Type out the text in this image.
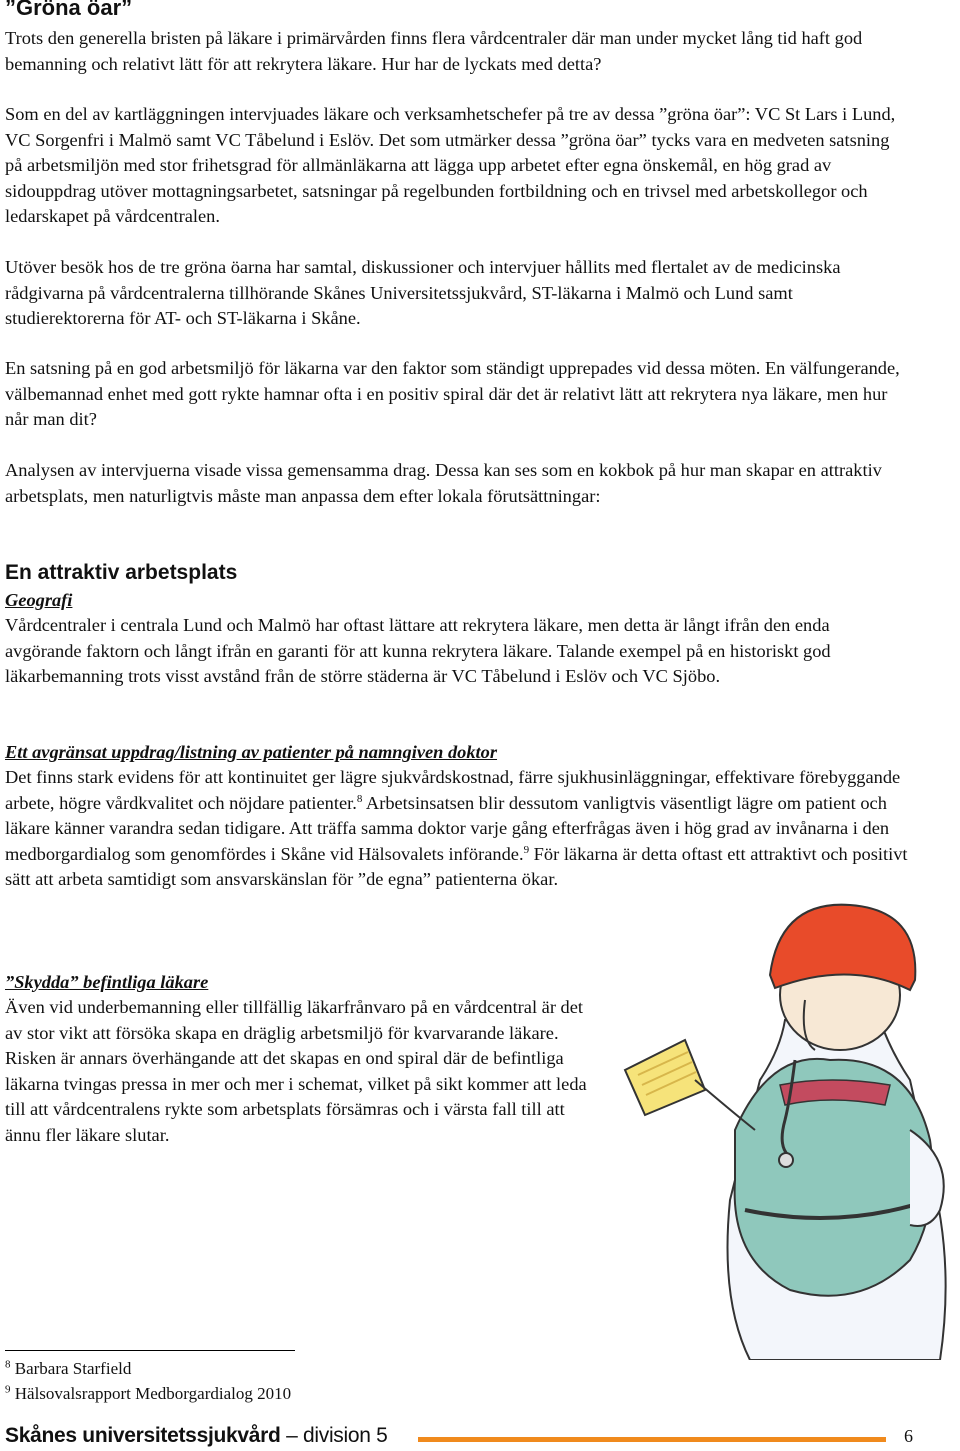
”Gröna öar”

Trots den generella bristen på läkare i primärvården finns flera vårdcentraler där man under mycket lång tid haft god bemanning och relativt lätt för att rekrytera läkare. Hur har de lyckats med detta?

Som en del av kartläggningen intervjuades läkare och verksamhetschefer på tre av dessa ”gröna öar”: VC St Lars i Lund, VC Sorgenfri i Malmö samt VC Tåbelund i Eslöv. Det som utmärker dessa ”gröna öar” tycks vara en medveten satsning på arbetsmiljön med stor frihetsgrad för allmänläkarna att lägga upp arbetet efter egna önskemål, en hög grad av sidouppdrag utöver mottagningsarbetet, satsningar på regelbunden fortbildning och en trivsel med arbetskollegor och ledarskapet på vårdcentralen.

Utöver besök hos de tre gröna öarna har samtal, diskussioner och intervjuer hållits med flertalet av de medicinska rådgivarna på vårdcentralerna tillhörande Skånes Universitetssjukvård, ST-läkarna i Malmö och Lund samt studierektorerna för AT- och ST-läkarna i Skåne.

En satsning på en god arbetsmiljö för läkarna var den faktor som ständigt upprepades vid dessa möten. En välfungerande, välbemannad enhet med gott rykte hamnar ofta i en positiv spiral där det är relativt lätt att rekrytera nya läkare, men hur når man dit?

Analysen av intervjuerna visade vissa gemensamma drag. Dessa kan ses som en kokbok på hur man skapar en attraktiv arbetsplats, men naturligtvis måste man anpassa dem efter lokala förutsättningar:

En attraktiv arbetsplats

Geografi

Vårdcentraler i centrala Lund och Malmö har oftast lättare att rekrytera läkare, men detta är långt ifrån den enda avgörande faktorn och långt ifrån en garanti för att kunna rekrytera läkare. Talande exempel på en historiskt god läkarbemanning trots visst avstånd från de större städerna är VC Tåbelund i Eslöv och VC Sjöbo.

Ett avgränsat uppdrag/listning av patienter på namngiven doktor

Det finns stark evidens för att kontinuitet ger lägre sjukvårdskostnad, färre sjukhusinläggningar, effektivare förebyggande arbete, högre vårdkvalitet och nöjdare patienter.$^8$ Arbetsinsatsen blir dessutom vanligtvis väsentligt lägre om patient och läkare känner varandra sedan tidigare. Att träffa samma doktor varje gång efterfrågas även i hög grad av invånarna i den medborgardialog som genomfördes i Skåne vid Hälsovalets införande.$^9$ För läkarna är detta oftast ett attraktivt och positivt sätt att arbeta samtidigt som ansvarskänslan för ”de egna” patienterna ökar.

”Skydda” befintliga läkare

Även vid underbemanning eller tillfällig läkarfrånvaro på en vårdcentral är det av stor vikt att försöka skapa en dräglig arbetsmiljö för kvarvarande läkare. Risken är annars överhängande att det skapas en ond spiral där de befintliga läkarna tvingas pressa in mer och mer i schemat, vilket på sikt kommer att leda till att vårdcentralens rykte som arbetsplats försämras och i värsta fall till att ännu fler läkare slutar.

$^8$ Barbara Starfield

$^9$ Hälsovalsrapport Medborgardialog 2010

Skånes universitetssjukvård – division 5	6
